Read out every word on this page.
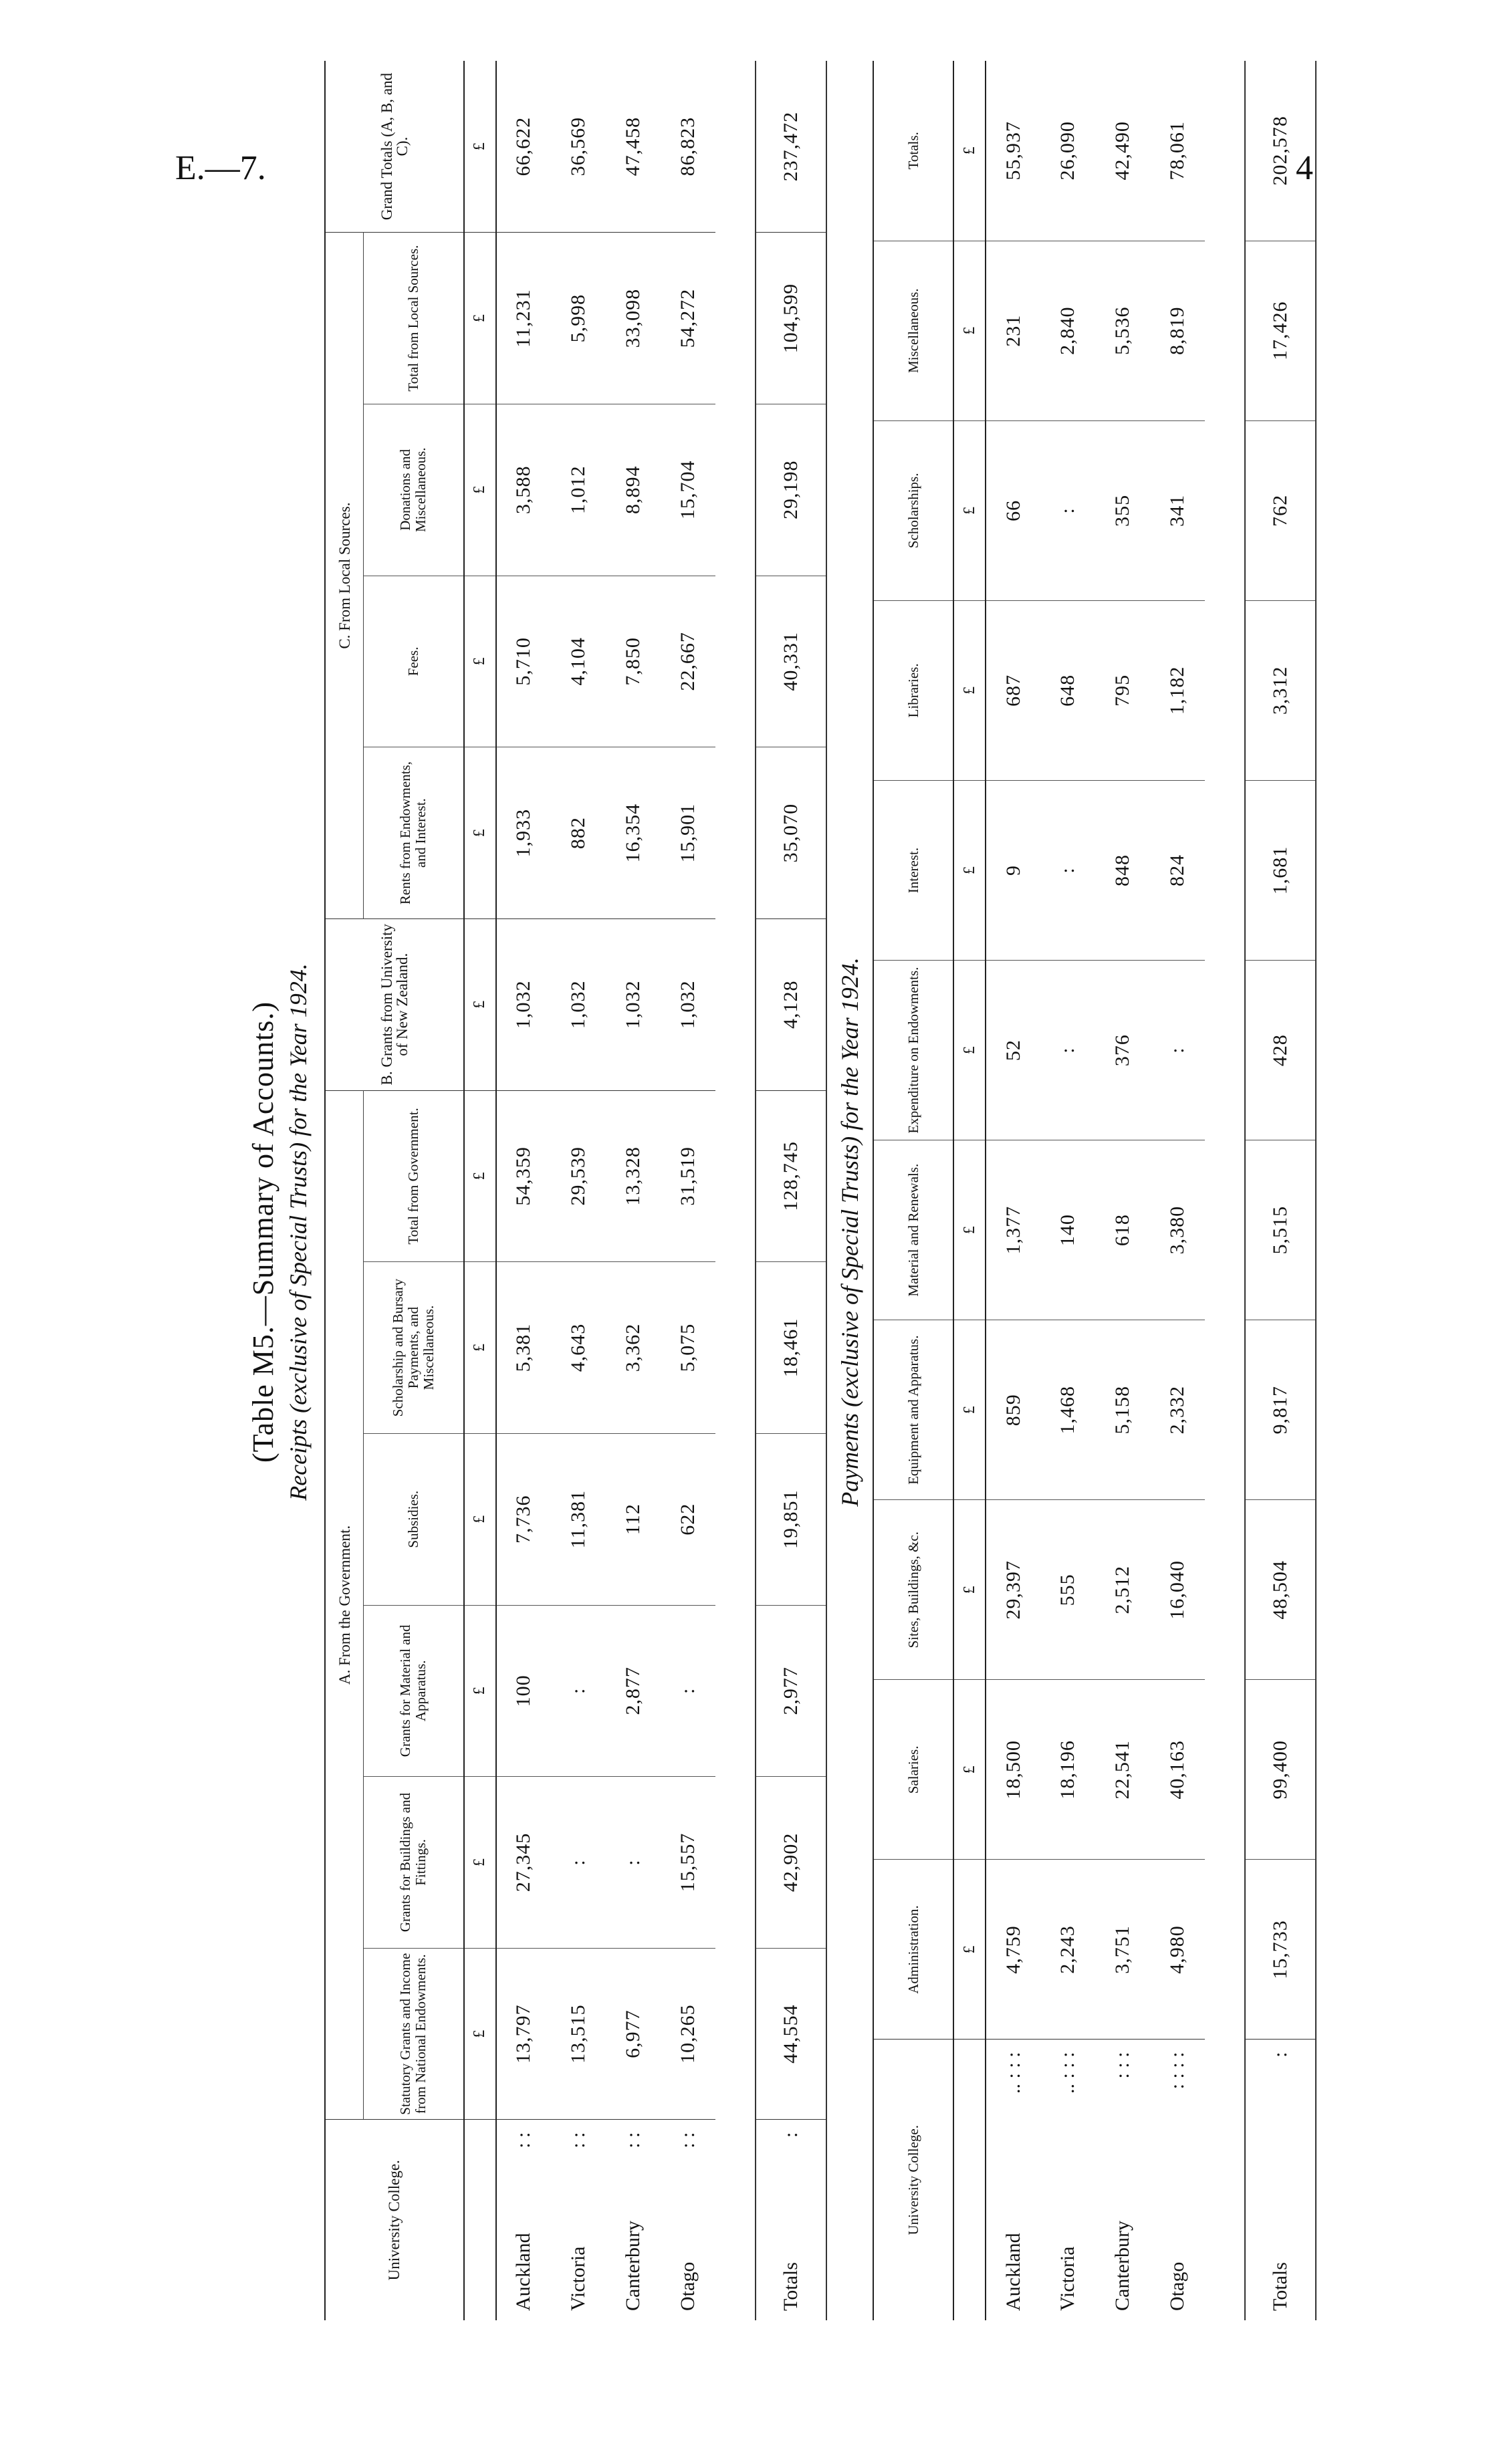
E.—7.	4
(Table M5.—Summary of Accounts.) Receipts (exclusive of Special Trusts) for the Year 1924.
University College.	A. From the Government.						B. Grants from University of New Zealand.	C. From Local Sources.				Grand Totals (A, B, and C).
	Statutory Grants and Income from National Endowments.	Grants for Buildings and Fittings.	Grants for Material and Apparatus.	Subsidies.	Scholarship and Bursary Payments, and Miscellaneous.	Total from Government.		Rents from Endowments, and Interest.	Fees.	Donations and Miscellaneous.	Total from Local Sources.	
	£	£	£	£	£	£	£	£	£	£	£	£
Auckland
: :	13,797	27,345	100	7,736	5,381	54,359	1,032	1,933	5,710	3,588	11,231	66,622
Victoria
: :	13,515	:	:	11,381	4,643	29,539	1,032	882	4,104	1,012	5,998	36,569
Canterbury
: :	6,977	:	2,877	112	3,362	13,328	1,032	16,354	7,850	8,894	33,098	47,458
Otago
: :	10,265	15,557	:	622	5,075	31,519	1,032	15,901	22,667	15,704	54,272	86,823

Totals
:	44,554	42,902	2,977	19,851	18,461	128,745	4,128	35,070	40,331	29,198	104,599	237,472
Payments (exclusive of Special Trusts) for the Year 1924.
University College.	Administration.	Salaries.	Sites, Buildings, &c.	Equipment and Apparatus.	Material and Renewals.	Expenditure on Endowments.	Interest.	Libraries.	Scholarships.	Miscellaneous.	Totals.
	£	£	£	£	£	£	£	£	£	£	£
Auckland
.. : : :	4,759	18,500	29,397	859	1,377	52	9	687	66	231	55,937
Victoria
.. : : :	2,243	18,196	555	1,468	140	:	:	648	:	2,840	26,090
Canterbury
: : :	3,751	22,541	2,512	5,158	618	376	848	795	355	5,536	42,490
Otago
: : : :	4,980	40,163	16,040	2,332	3,380	:	824	1,182	341	8,819	78,061

Totals
:	15,733	99,400	48,504	9,817	5,515	428	1,681	3,312	762	17,426	202,578
